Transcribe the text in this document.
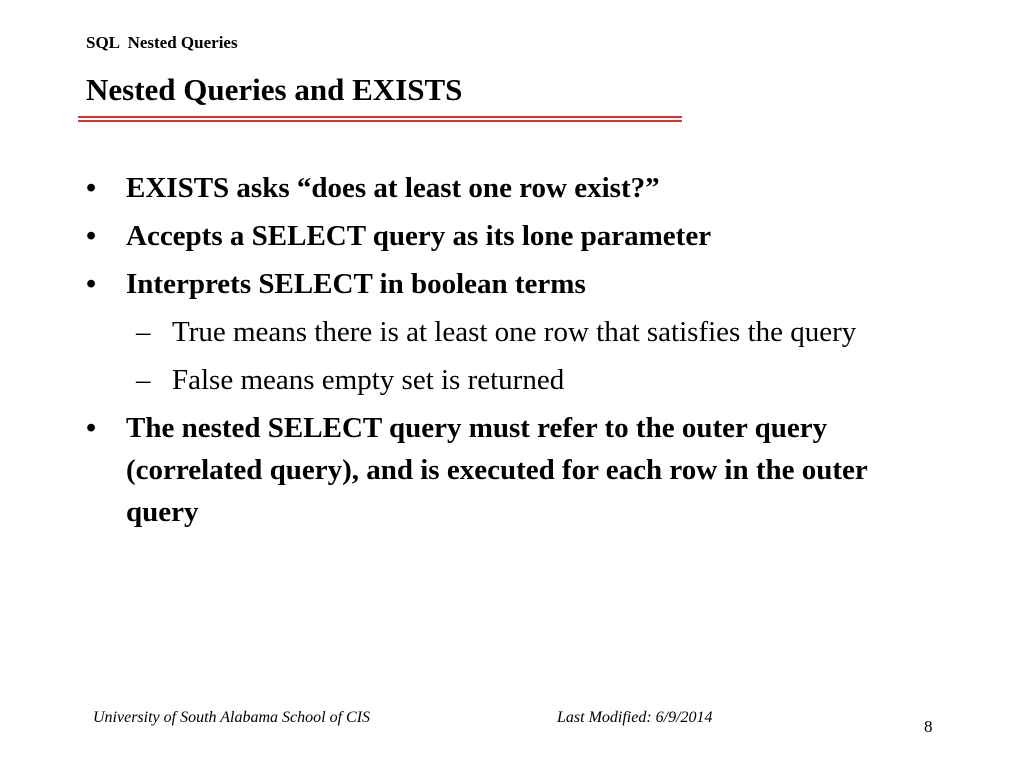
SQL  Nested Queries
Nested Queries and EXISTS
•	EXISTS asks “does at least one row exist?”
•	Accepts a SELECT query as its lone parameter
•	Interprets SELECT in boolean terms
– True means there is at least one row that satisfies the query
– False means empty set is returned
•	The nested SELECT query must refer to the outer query (correlated query), and is executed for each row in the outer query
University of South Alabama School of CIS	Last Modified: 6/9/2014	8
